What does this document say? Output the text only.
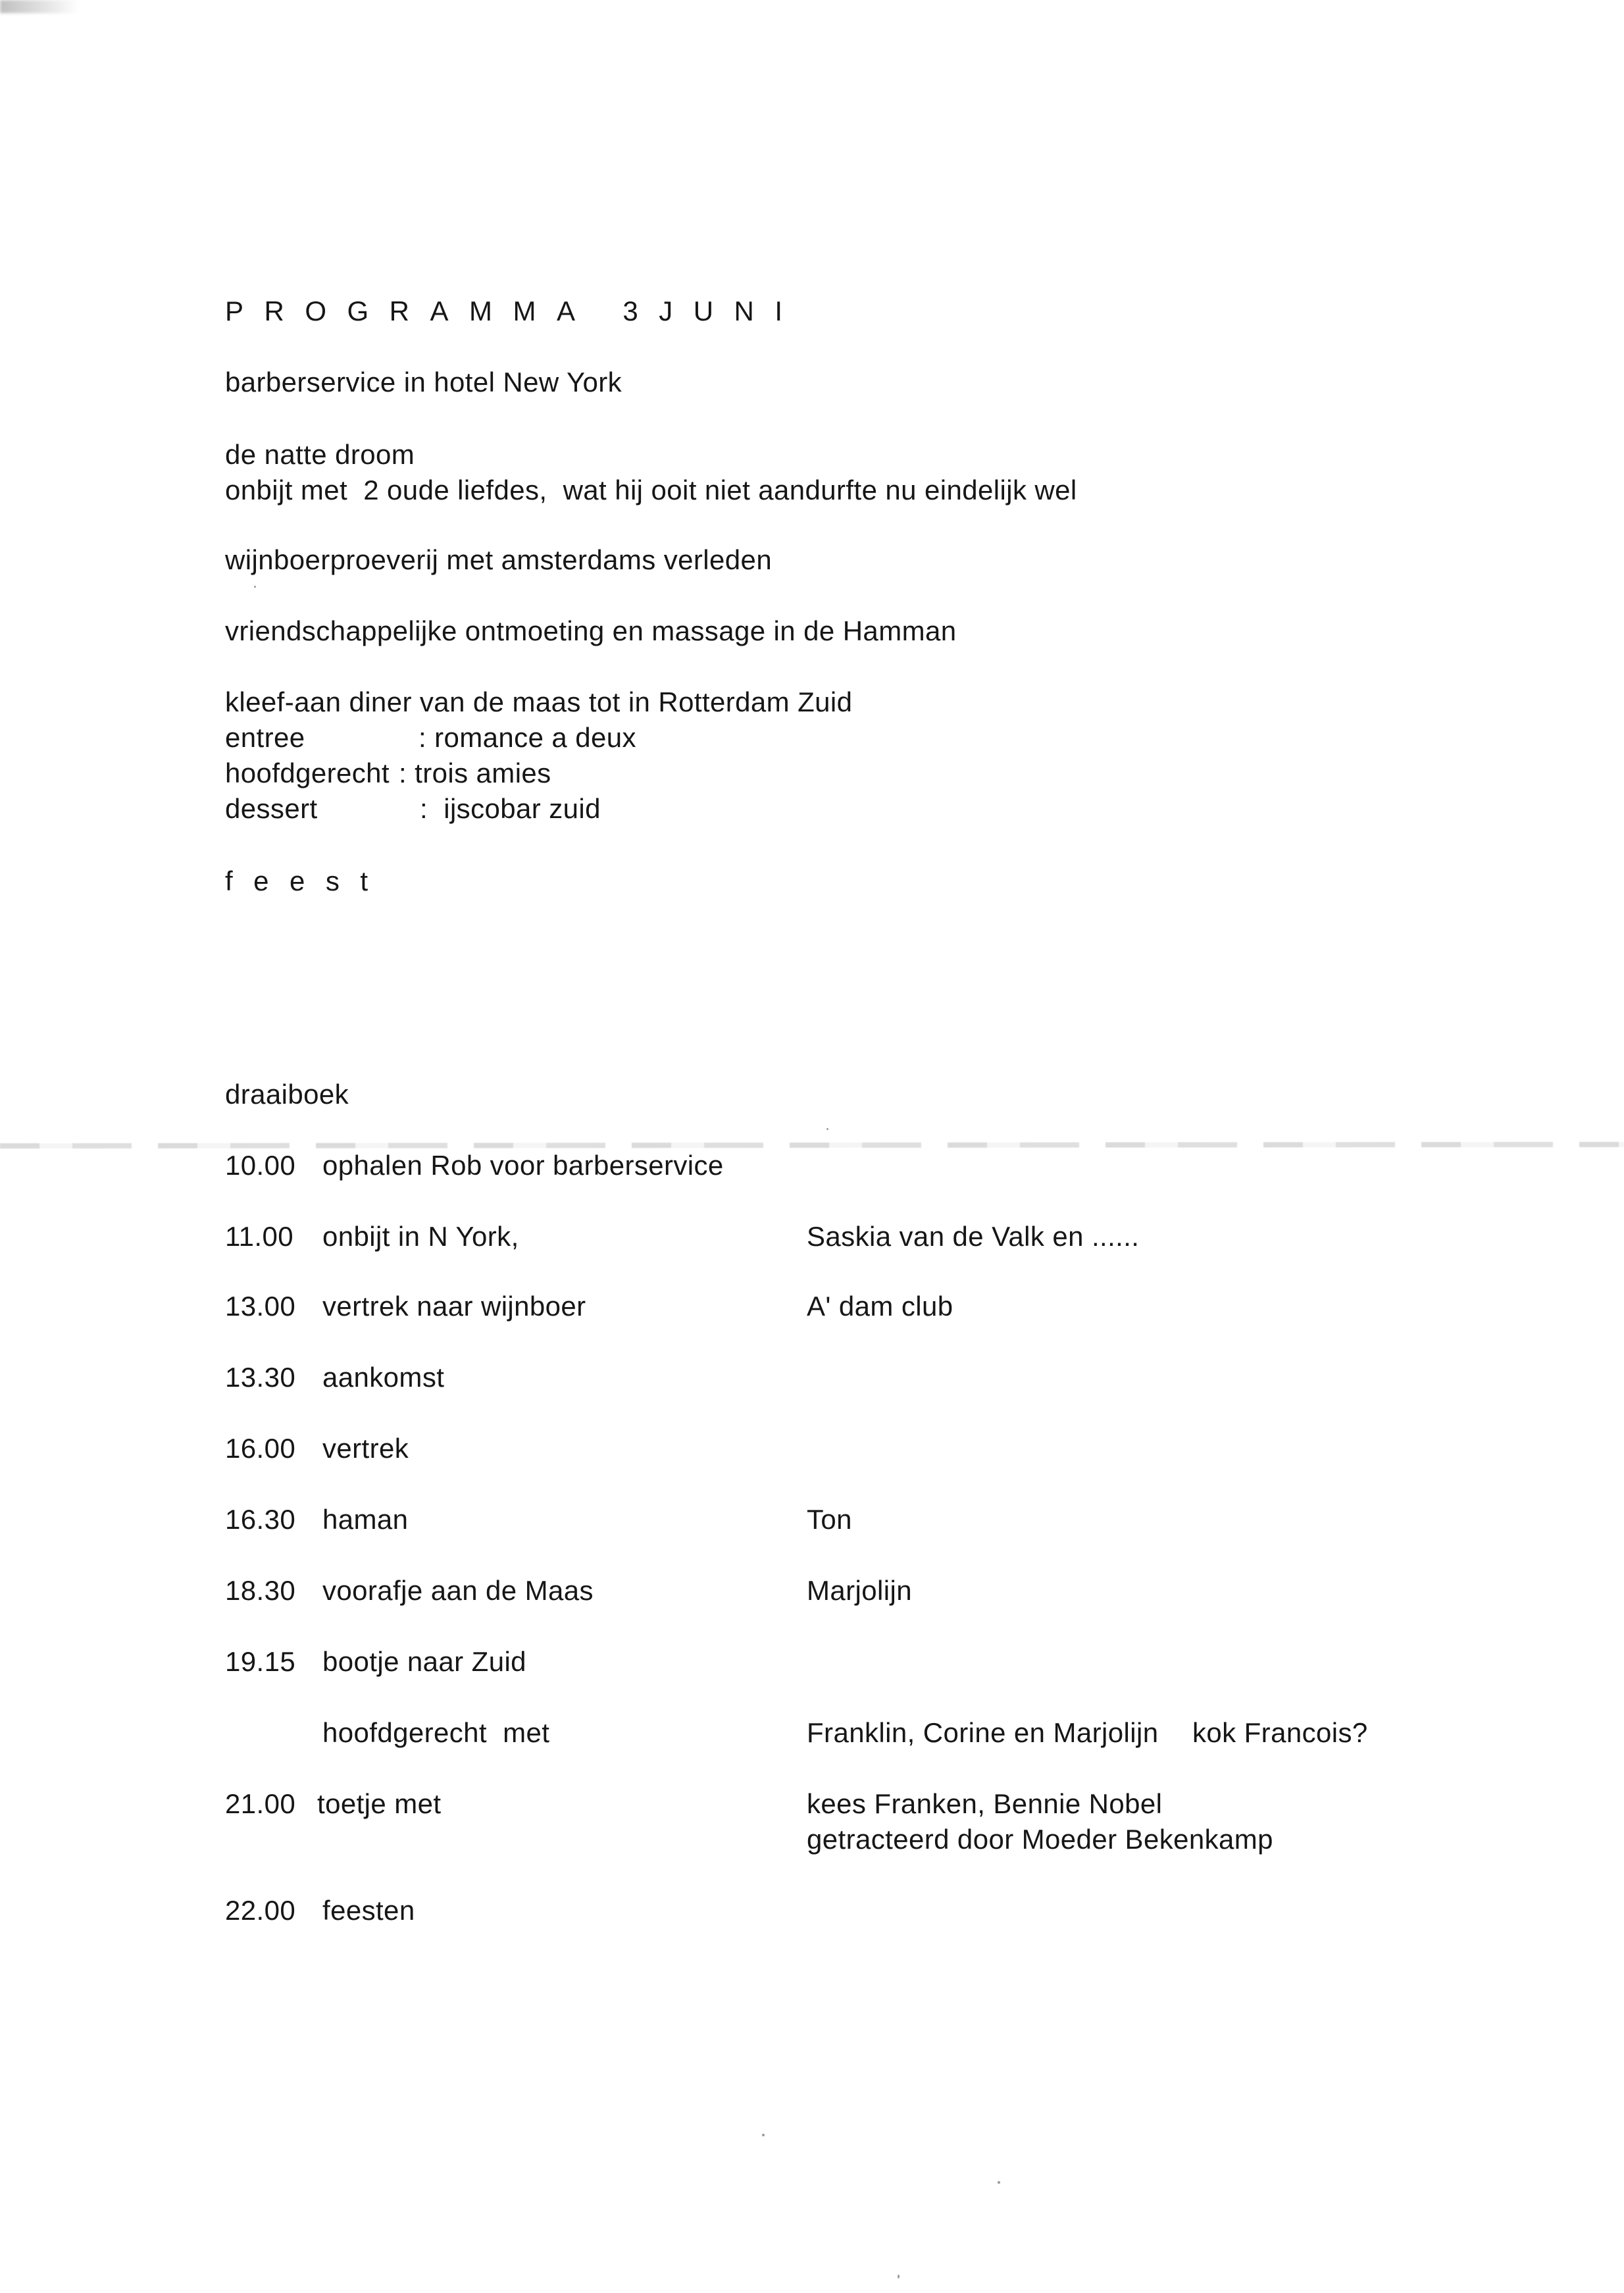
PROGRAMMA 3JUNI
barberservice in hotel New York
de natte droom
onbijt met  2 oude liefdes,  wat hij ooit niet aandurfte nu eindelijk wel
wijnboerproeverij met amsterdams verleden
vriendschappelijke ontmoeting en massage in de Hamman
kleef-aan diner van de maas tot in Rotterdam Zuid
entree	: romance a deux
hoofdgerecht : trois amies
dessert	:  ijscobar zuid
feest
draaiboek
10.00 ophalen Rob voor barberservice
11.00 onbijt in N York,	Saskia van de Valk en ......
13.00 vertrek naar wijnboer	A' dam club
13.30 aankomst
16.00 vertrek
16.30 haman	Ton
18.30 voorafje aan de Maas	Marjolijn
19.15 bootje naar Zuid
hoofdgerecht  met	Franklin, Corine en Marjolijn kok Francois?
21.00 toetje met	kees Franken, Bennie Nobel
getracteerd door Moeder Bekenkamp
22.00 feesten
